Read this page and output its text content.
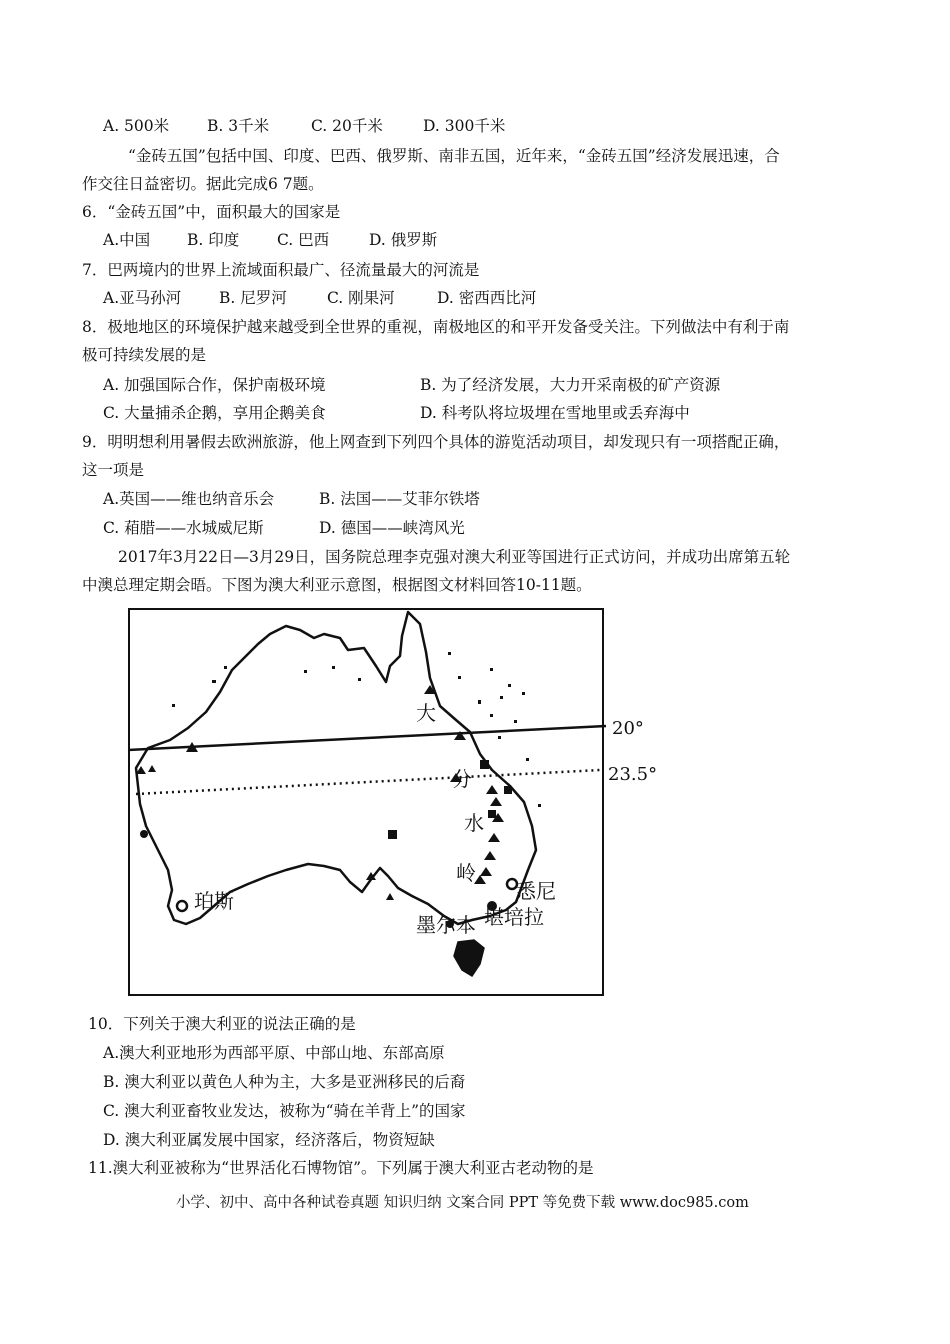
A. 500米 B. 3千米	C. 20千米	D. 300千米
“金砖五国”包括中国、印度、巴西、俄罗斯、南非五国，近年来，“金砖五国”经济发展迅速，合
作交往日益密切。据此完成6 7题。
6．“金砖五国”中，面积最大的国家是
A.中国 B. 印度 C. 巴西	D. 俄罗斯
7．巴两境内的世界上流域面积最广、径流量最大的河流是
A.亚马孙河 B. 尼罗河	C. 刚果河	D. 密西西比河
8．极地地区的环境保护越来越受到全世界的重视，南极地区的和平开发备受关注。下列做法中有利于南
极可持续发展的是
A. 加强国际合作，保护南极环境	B. 为了经济发展，大力开采南极的矿产资源
C. 大量捕杀企鹅，享用企鹅美食	D. 科考队将垃圾埋在雪地里或丢弃海中
9．明明想利用暑假去欧洲旅游，他上网查到下列四个具体的游览活动项目，却发现只有一项搭配正确，
这一项是
A.英国——维也纳音乐会	B. 法国——艾菲尔铁塔
C. 葙腊——水城威尼斯	D. 德国——峡湾风光
2017年3月22日—3月29日，国务院总理李克强对澳大利亚等国进行正式访问，并成功出席第五轮
中澳总理定期会晤。下图为澳大利亚示意图，根据图文材料回答10-11题。
20°
23.5°
大
分
水
岭
珀斯	悉尼
堪培拉
墨尔本
10．下列关于澳大利亚的说法正确的是
A.澳大利亚地形为西部平原、中部山地、东部高原
B. 澳大利亚以黄色人种为主，大多是亚洲移民的后裔
C. 澳大利亚畜牧业发达，被称为“骑在羊背上”的国家
D. 澳大利亚属发展中国家，经济落后，物资短缺
11.澳大利亚被称为“世界活化石博物馆”。下列属于澳大利亚古老动物的是
小学、初中、高中各种试卷真题 知识归纳 文案合同 PPT 等免费下载 www.doc985.com
